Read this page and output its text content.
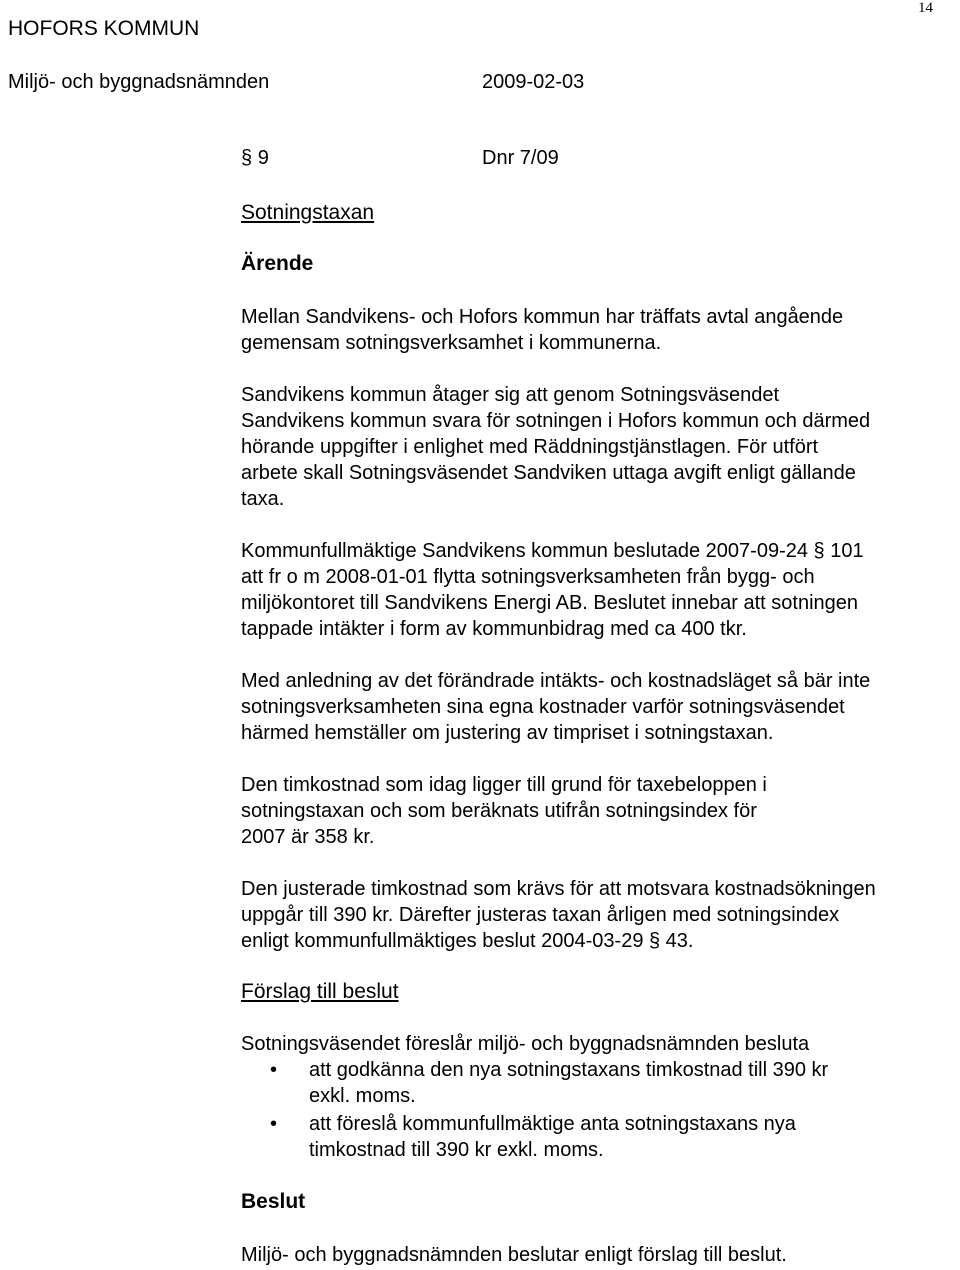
14
HOFORS KOMMUN
Miljö- och byggnadsnämnden	2009-02-03
§ 9	Dnr 7/09
Sotningstaxan
Ärende
Mellan Sandvikens- och Hofors kommun har träffats avtal angående
gemensam sotningsverksamhet i kommunerna.
Sandvikens kommun åtager sig att genom Sotningsväsendet
Sandvikens kommun svara för sotningen i Hofors kommun och därmed
hörande uppgifter i enlighet med Räddningstjänstlagen. För utfört
arbete skall Sotningsväsendet Sandviken uttaga avgift enligt gällande
taxa.
Kommunfullmäktige Sandvikens kommun beslutade 2007-09-24 § 101
att fr o m 2008-01-01 flytta sotningsverksamheten från bygg- och
miljökontoret till Sandvikens Energi AB. Beslutet innebar att sotningen
tappade intäkter i form av kommunbidrag med ca 400 tkr.
Med anledning av det förändrade intäkts- och kostnadsläget så bär inte
sotningsverksamheten sina egna kostnader varför sotningsväsendet
härmed hemställer om justering av timpriset i sotningstaxan.
Den timkostnad som idag ligger till grund för taxebeloppen i
sotningstaxan och som beräknats utifrån sotningsindex för
2007 är 358 kr.
Den justerade timkostnad som krävs för att motsvara kostnadsökningen
uppgår till 390 kr. Därefter justeras taxan årligen med sotningsindex
enligt kommunfullmäktiges beslut 2004-03-29 § 43.
Förslag till beslut
Sotningsväsendet föreslår miljö- och byggnadsnämnden besluta
•	att godkänna den nya sotningstaxans timkostnad till 390 kr
exkl. moms.
•	att föreslå kommunfullmäktige anta sotningstaxans nya
timkostnad till 390 kr exkl. moms.
Beslut
Miljö- och byggnadsnämnden beslutar enligt förslag till beslut.
